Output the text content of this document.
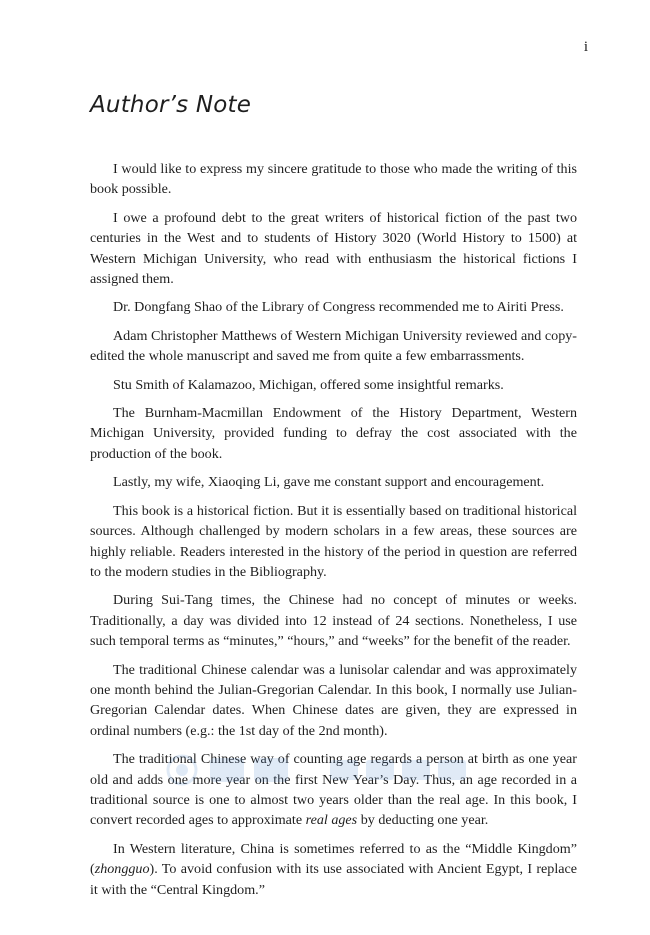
i
Author’s Note

I would like to express my sincere gratitude to those who made the writing of this book possible.

I owe a profound debt to the great writers of historical fiction of the past two centuries in the West and to students of History 3020 (World History to 1500) at Western Michigan University, who read with enthusiasm the historical fictions I assigned them.

Dr. Dongfang Shao of the Library of Congress recommended me to Airiti Press.

Adam Christopher Matthews of Western Michigan University reviewed and copy-edited the whole manuscript and saved me from quite a few embarrassments.

Stu Smith of Kalamazoo, Michigan, offered some insightful remarks.

The Burnham-Macmillan Endowment of the History Department, Western Michigan University, provided funding to defray the cost associated with the production of the book.

Lastly, my wife, Xiaoqing Li, gave me constant support and encouragement.

This book is a historical fiction. But it is essentially based on traditional historical sources. Although challenged by modern scholars in a few areas, these sources are highly reliable. Readers interested in the history of the period in question are referred to the modern studies in the Bibliography.

During Sui-Tang times, the Chinese had no concept of minutes or weeks. Traditionally, a day was divided into 12 instead of 24 sections. Nonetheless, I use such temporal terms as “minutes,” “hours,” and “weeks” for the benefit of the reader.

The traditional Chinese calendar was a lunisolar calendar and was approximately one month behind the Julian-Gregorian Calendar. In this book, I normally use Julian-Gregorian Calendar dates. When Chinese dates are given, they are expressed in ordinal numbers (e.g.: the 1st day of the 2nd month).

The traditional Chinese way of counting age regards a person at birth as one year old and adds one more year on the first New Year’s Day. Thus, an age recorded in a traditional source is one to almost two years older than the real age. In this book, I convert recorded ages to approximate real ages by deducting one year.

In Western literature, China is sometimes referred to as the “Middle Kingdom” (zhongguo). To avoid confusion with its use associated with Ancient Egypt, I replace it with the “Central Kingdom.”
